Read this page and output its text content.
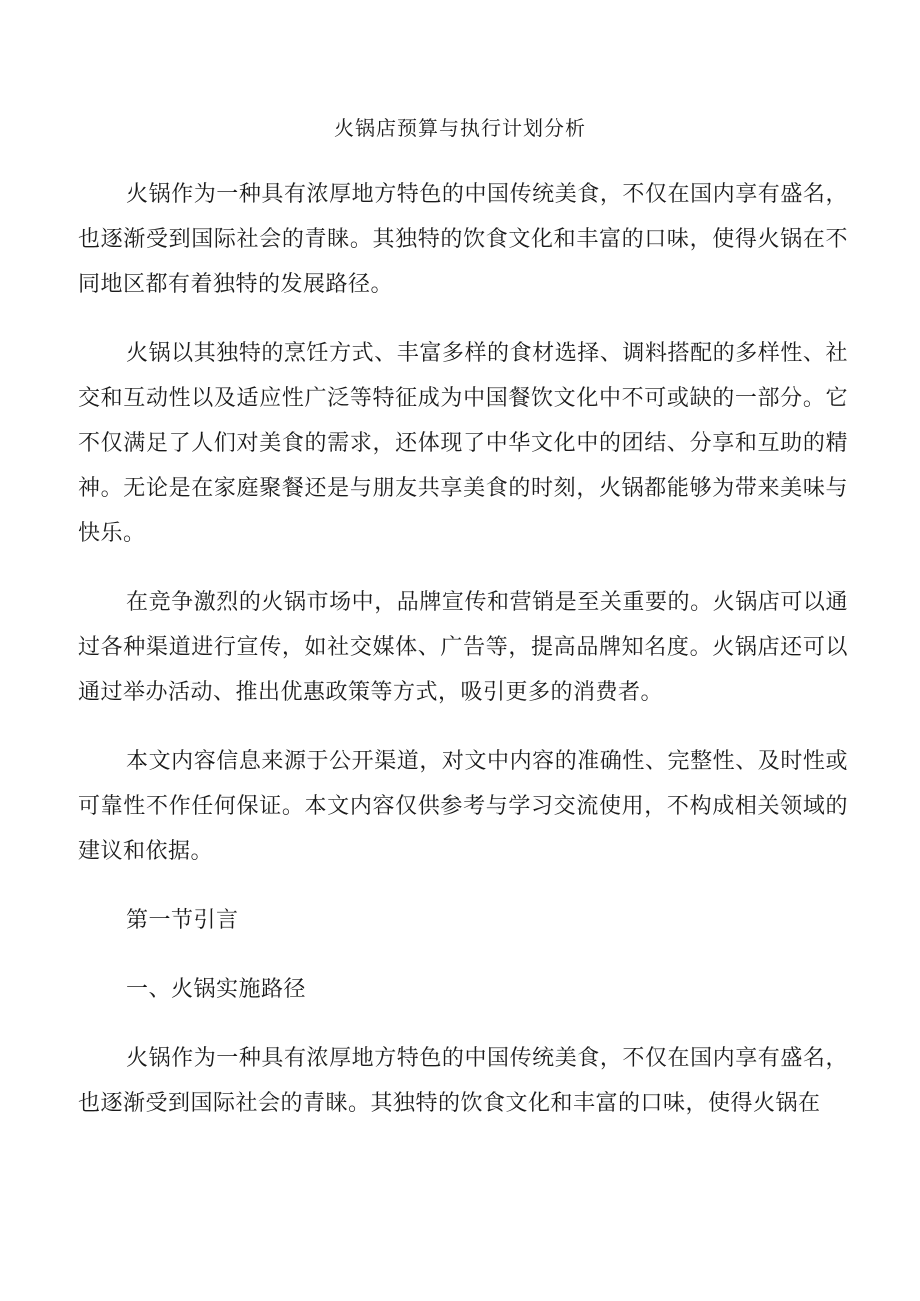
火锅店预算与执行计划分析

火锅作为一种具有浓厚地方特色的中国传统美食，不仅在国内享有盛名，也逐渐受到国际社会的青睐。其独特的饮食文化和丰富的口味，使得火锅在不同地区都有着独特的发展路径。

火锅以其独特的烹饪方式、丰富多样的食材选择、调料搭配的多样性、社交和互动性以及适应性广泛等特征成为中国餐饮文化中不可或缺的一部分。它不仅满足了人们对美食的需求，还体现了中华文化中的团结、分享和互助的精神。无论是在家庭聚餐还是与朋友共享美食的时刻，火锅都能够为带来美味与快乐。

在竞争激烈的火锅市场中，品牌宣传和营销是至关重要的。火锅店可以通过各种渠道进行宣传，如社交媒体、广告等，提高品牌知名度。火锅店还可以通过举办活动、推出优惠政策等方式，吸引更多的消费者。

本文内容信息来源于公开渠道，对文中内容的准确性、完整性、及时性或可靠性不作任何保证。本文内容仅供参考与学习交流使用，不构成相关领域的建议和依据。

第一节引言

一、火锅实施路径

火锅作为一种具有浓厚地方特色的中国传统美食，不仅在国内享有盛名，也逐渐受到国际社会的青睐。其独特的饮食文化和丰富的口味，使得火锅在
